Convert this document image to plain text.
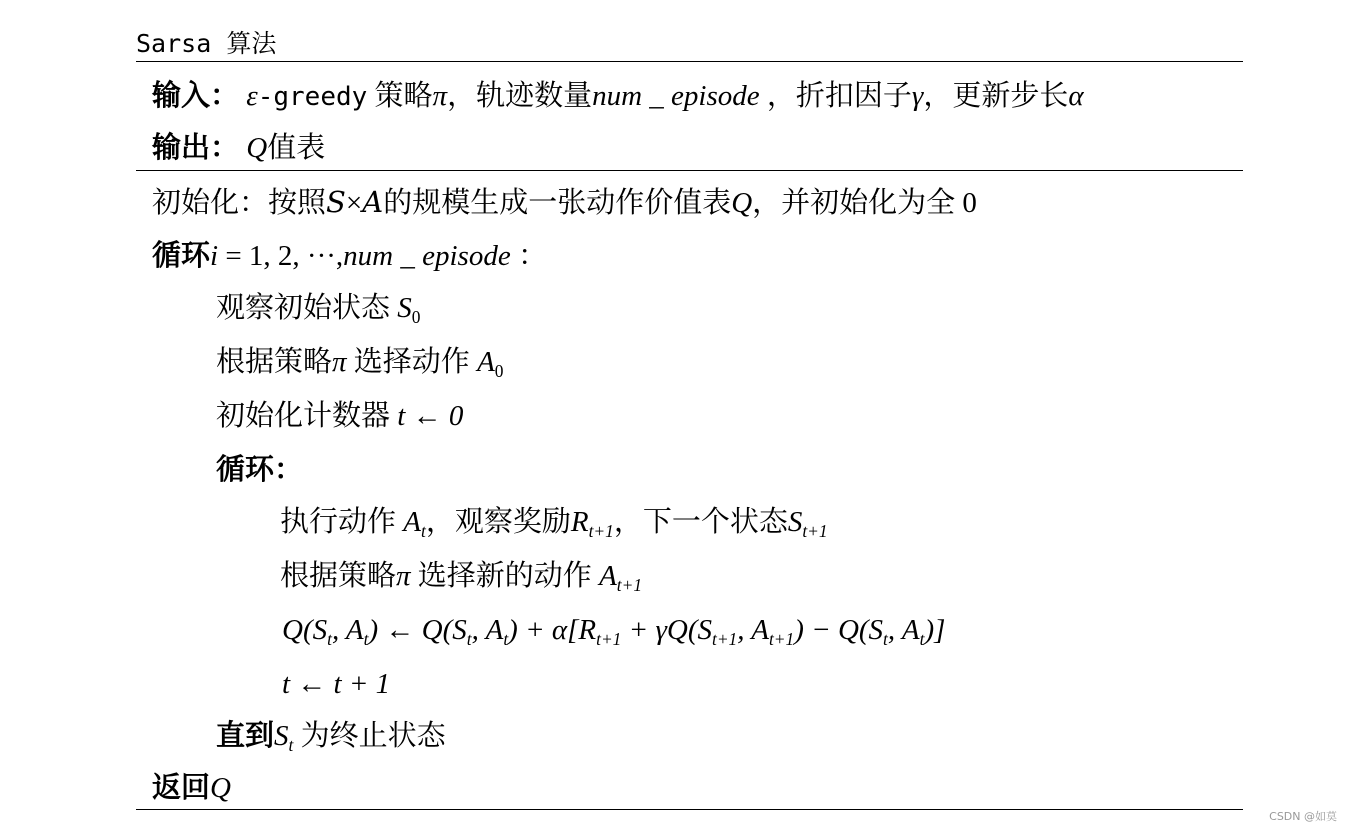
Sarsa 算法
输入： ε-greedy 策略π，轨迹数量num _ episode ，折扣因子γ，更新步长α
输出： Q值表
初始化：按照S×A的规模生成一张动作价值表Q，并初始化为全 0
循环i = 1, 2, ···,num _ episode ：
观察初始状态 $S_0$
根据策略π 选择动作 $A_0$
初始化计数器 t ← 0
循环：
执行动作 $A_t$，观察奖励$R_{t+1}$，下一个状态$S_{t+1}$
根据策略π 选择新的动作 $A_{t+1}$
$Q(S_t$, $A_t$) ← $Q(S_t$, $A_t) + \alpha[R_{t+1} + \gamma Q(S_{t+1}$, $A_{t+1}) - Q(S_t$, $A_t$)]
t ← t + 1
直到$S_t$ 为终止状态
返回Q
CSDN @如莫
